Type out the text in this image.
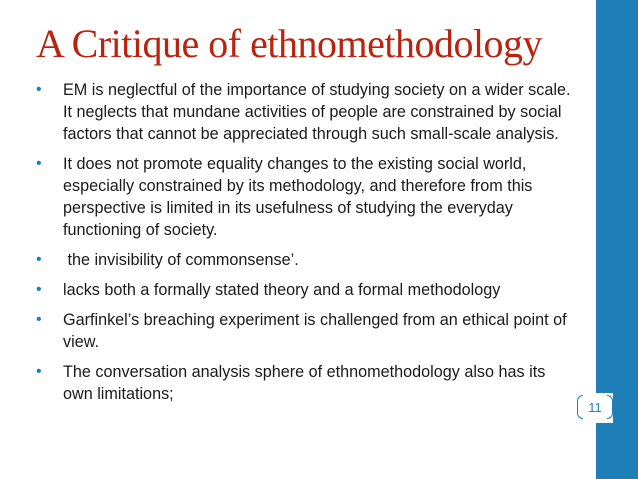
A Critique of ethnomethodology
• EM is neglectful of the importance of studying society on a wider scale. It neglects that mundane activities of people are constrained by social factors that cannot be appreciated through such small-scale analysis.
• It does not promote equality changes to the existing social world, especially constrained by its methodology, and therefore from this perspective is limited in its usefulness of studying the everyday functioning of society.
• the invisibility of commonsense’.
• lacks both a formally stated theory and a formal methodology
• Garfinkel’s breaching experiment is challenged from an ethical point of view.
• The conversation analysis sphere of ethnomethodology also has its own limitations;
11
